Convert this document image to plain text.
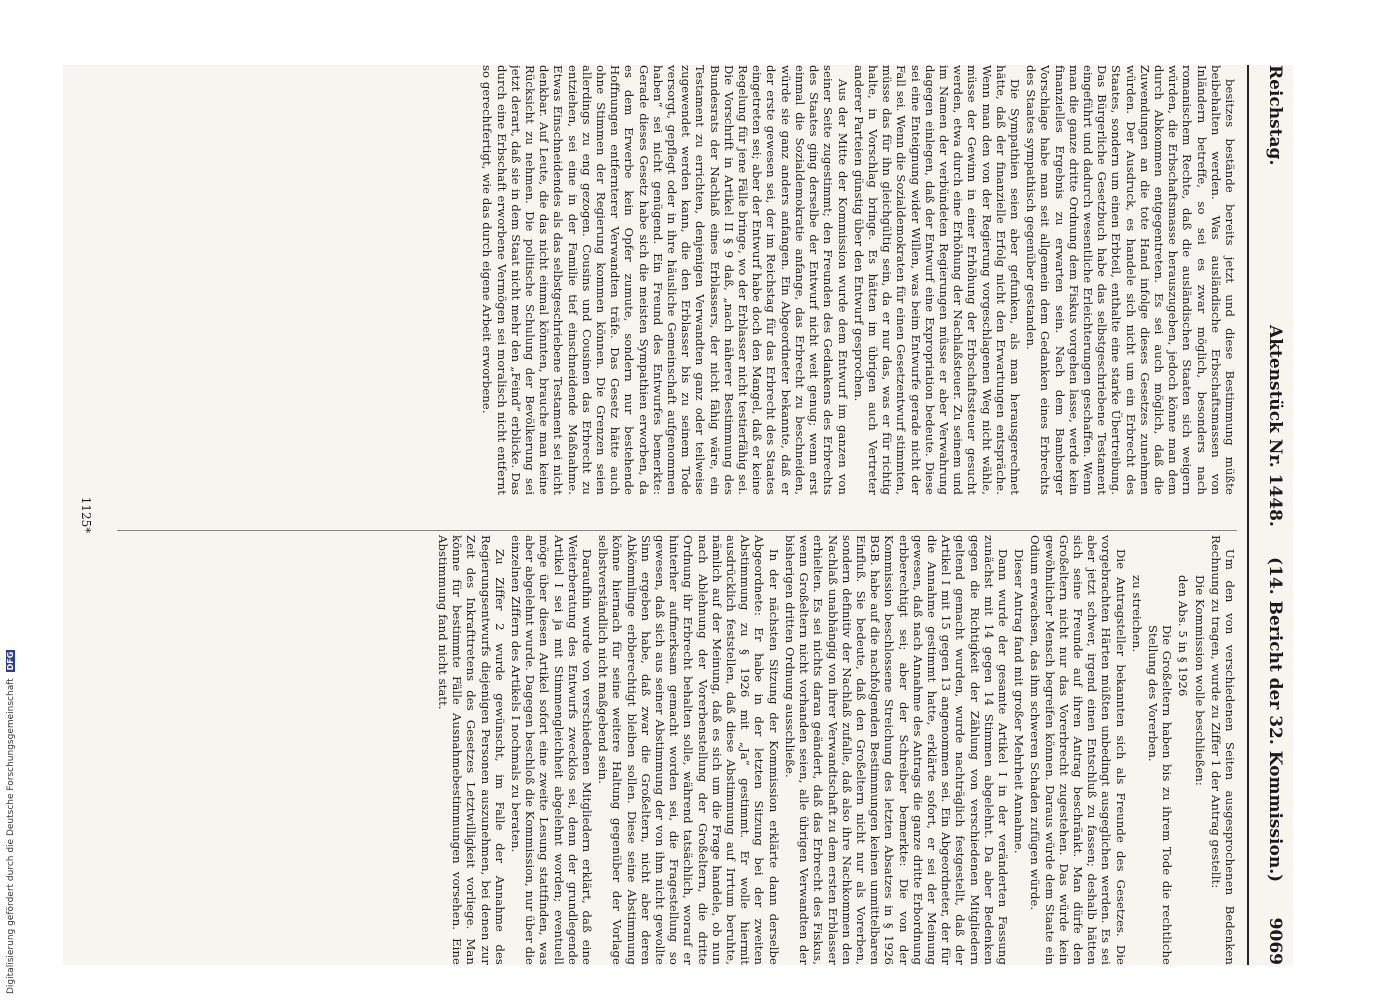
Reichstag.
Aktenstück Nr. 1448.
(14. Bericht der 32. Kommission.)      9069

besitzes bestände bereits jetzt und diese Bestimmung müßte beibehalten werden. Was ausländische Erbschaftsmassen von Inländern betreffe, so sei es zwar möglich, besonders nach romanischem Rechte, daß die ausländischen Staaten sich weigern würden, die Erbschaftsmasse herauszugeben, jedoch könne man dem durch Abkommen entgegentreten. Es sei auch möglich, daß die Zuwendungen an die tote Hand infolge dieses Gesetzes zunehmen würden. Der Ausdruck, es handele sich nicht um ein Erbrecht des Staates, sondern um einen Erbteil, enthalte eine starke Übertreibung. Das Bürgerliche Gesetzbuch habe das selbstgeschriebene Testament eingeführt und dadurch wesentliche Erleichterungen geschaffen. Wenn man die ganze dritte Ordnung dem Fiskus vorgehen lasse, werde kein finanzielles Ergebnis zu erwarten sein. Nach dem Bamberger Vorschlage habe man seit allgemein dem Gedanken eines Erbrechts des Staates sympathisch gegenüber gestanden.

Die Sympathien seien aber gefunken, als man herausgerechnet hätte, daß der finanzielle Erfolg nicht den Erwartungen entspräche. Wenn man den von der Regierung vorgeschlagenen Weg nicht wähle, müsse der Gewinn in einer Erhöhung der Erbschaftssteuer gesucht werden, etwa durch eine Erhöhung der Nachlaßsteuer. Zu seinem und im Namen der verbündeten Regierungen müsse er aber Verwahrung dagegen einlegen, daß der Entwurf eine Expropriation bedeute. Diese sei eine Enteignung wider Willen, was beim Entwurfe gerade nicht der Fall sei. Wenn die Sozialdemokraten für einen Gesetzentwurf stimmten, müsse das für ihn gleichgültig sein, da er nur das, was er für richtig halte, in Vorschlag bringe. Es hätten im übrigen auch Vertreter anderer Parteien günstig über den Entwurf gesprochen.

Aus der Mitte der Kommission wurde dem Entwurf im ganzen von seiner Seite zugestimmt; den Freunden des Gedankens des Erbrechts des Staates ging derselbe der Entwurf nicht weit genug; wenn erst einmal die Sozialdemokratie anfange, das Erbrecht zu beschneiden, würde sie ganz anders anfangen. Ein Abgeordneter bekannte, daß er der erste gewesen sei, der im Reichstag für das Erbrecht des Staates eingetreten sei; aber der Entwurf habe doch den Mangel, daß er keine Regelung für jene Fälle bringe, wo der Erblasser nicht testierfähig sei. Die Vorschrift in Artikel II § 9 daß, „nach näherer Bestimmung des Bundesrats der Nachlaß eines Erblassers, der nicht fähig wäre, ein Testament zu errichten, denjenigen Verwandten ganz oder teilweise zugewendet werden kann, die den Erblasser bis zu seinem Tode versorgt, gepflegt oder in ihre häusliche Gemeinschaft aufgenommen haben“ sei nicht genügend. Ein Freund des Entwurfes bemerkte: Gerade dieses Gesetz habe sich die meisten Sympathien erworben, da es dem Erwerbe kein Opfer zumute, sondern nur bestehende Hoffnungen entfernterer Verwandten träfe. Das Gesetz hätte auch ohne Stimmen der Regierung kommen können. Die Grenzen seien allerdings zu eng gezogen. Cousins und Cousinen das Erbrecht zu entziehen, sei eine in der Familie tief einschneidende Maßnahme. Etwas Einschneidendes als das selbstgeschriebene Testament sei nicht denkbar. Auf Leute, die das nicht einmal könnten, brauche man keine Rücksicht zu nehmen. Die politische Schulung der Bevölkerung sei jetzt derart, daß sie in dem Staat nicht mehr den „Feind“ erblicke. Das durch eine Erbschaft erworbene Vermögen sei moralisch nicht entfernt so gerechtfertigt, wie das durch eigene Arbeit erworbene.

Um den von verschiedenen Seiten ausgesprochenen Bedenken Rechnung zu tragen, wurde zu Ziffer 1 der Antrag gestellt:

Die Kommission wolle beschließen:

den Abs. 5 in § 1926

Die Großeltern haben bis zu ihrem Tode die rechtliche Stellung des Vorerben.

zu streichen.

Die Antragsteller bekannten sich als Freunde des Gesetzes. Die vorgebrachten Härten müßten unbedingt ausgeglichen werden. Es sei aber jetzt schwer, irgend einen Entschluß zu fassen; deshalb hätten sich seine Freunde auf ihren Antrag beschränkt. Man dürfe den Großeltern nicht nur das Vorerbrecht zugestehen. Das würde kein gewöhnlicher Mensch begreifen können. Daraus würde dem Staate ein Odium erwachsen, das ihm schweren Schaden zufügen würde.

Dieser Antrag fand mit großer Mehrheit Annahme.

Dann wurde der gesamte Artikel I in der veränderten Fassung zunächst mit 14 gegen 14 Stimmen abgelehnt. Da aber Bedenken gegen die Richtigkeit der Zählung von verschiedenen Mitgliedern geltend gemacht wurden, wurde nachträglich festgestellt, daß der Artikel I mit 15 gegen 13 angenommen sei. Ein Abgeordneter, der für die Annahme gestimmt hatte, erklärte sofort, er sei der Meinung gewesen, daß nach Annahme des Antrags die ganze dritte Erbordnung erbberechtigt sei; aber der Schreiber bemerkte: Die von der Kommission beschlossene Streichung des letzten Absatzes in § 1926 BGB. habe auf die nachfolgenden Bestimmungen keinen unmittelbaren Einfluß. Sie bedeute, daß den Großeltern nicht nur als Vorerben, sondern definitiv der Nachlaß zufalle, daß also ihre Nachkommen den Nachlaß unabhängig von ihrer Verwandtschaft zu dem ersten Erblasser erhielten. Es sei nichts daran geändert, daß das Erbrecht des Fiskus, wenn Großeltern nicht vorhanden seien, alle übrigen Verwandten der bisherigen dritten Ordnung ausschließe.

In der nächsten Sitzung der Kommission erklärte dann derselbe Abgeordnete: Er habe in der letzten Sitzung bei der zweiten Abstimmung zu § 1926 mit „Ja“ gestimmt. Er wolle hiermit ausdrücklich feststellen, daß diese Abstimmung auf Irrtum beruhte, nämlich auf der Meinung, daß es sich um die Frage handele, ob nun nach Ablehnung der Vorerbenstellung der Großeltern, die dritte Ordnung ihr Erbrecht behalten solle, während tatsächlich, worauf er hinterher aufmerksam gemacht worden sei, die Fragestellung so gewesen, daß sich aus seiner Abstimmung der von ihm nicht gewollte Sinn ergeben habe, daß zwar die Großeltern, nicht aber deren Abkömmlinge erbberechtigt bleiben sollen. Diese seine Abstimmung könne hiernach für seine weitere Haltung gegenüber der Vorlage selbstverständlich nicht maßgebend sein.

Daraufhin wurde von verschiedenen Mitgliedern erklärt, daß eine Weiterberatung des Entwurfs zwecklos sei, denn der grundlegende Artikel I sei ja mit Stimmengleichheit abgelehnt worden; eventuell möge über diesen Artikel sofort eine zweite Lesung stattfinden, was aber abgelehnt wurde. Dagegen beschloß die Kommission, nur über die einzelnen Ziffern des Artikels I nochmals zu beraten.

Zu Ziffer 2 wurde gewünscht, im Falle der Annahme des Regierungsentwurfs diejenigen Personen auszunehmen, bei denen zur Zeit des Inkrafttretens des Gesetzes Letztwilligkeit vorliege. Man könne für bestimmte Fälle Ausnahmebestimmungen vorsehen. Eine Abstimmung fand nicht statt.

1125*
Digitalisierung gefördert durch die Deutsche Forschungsgemeinschaft DFG
